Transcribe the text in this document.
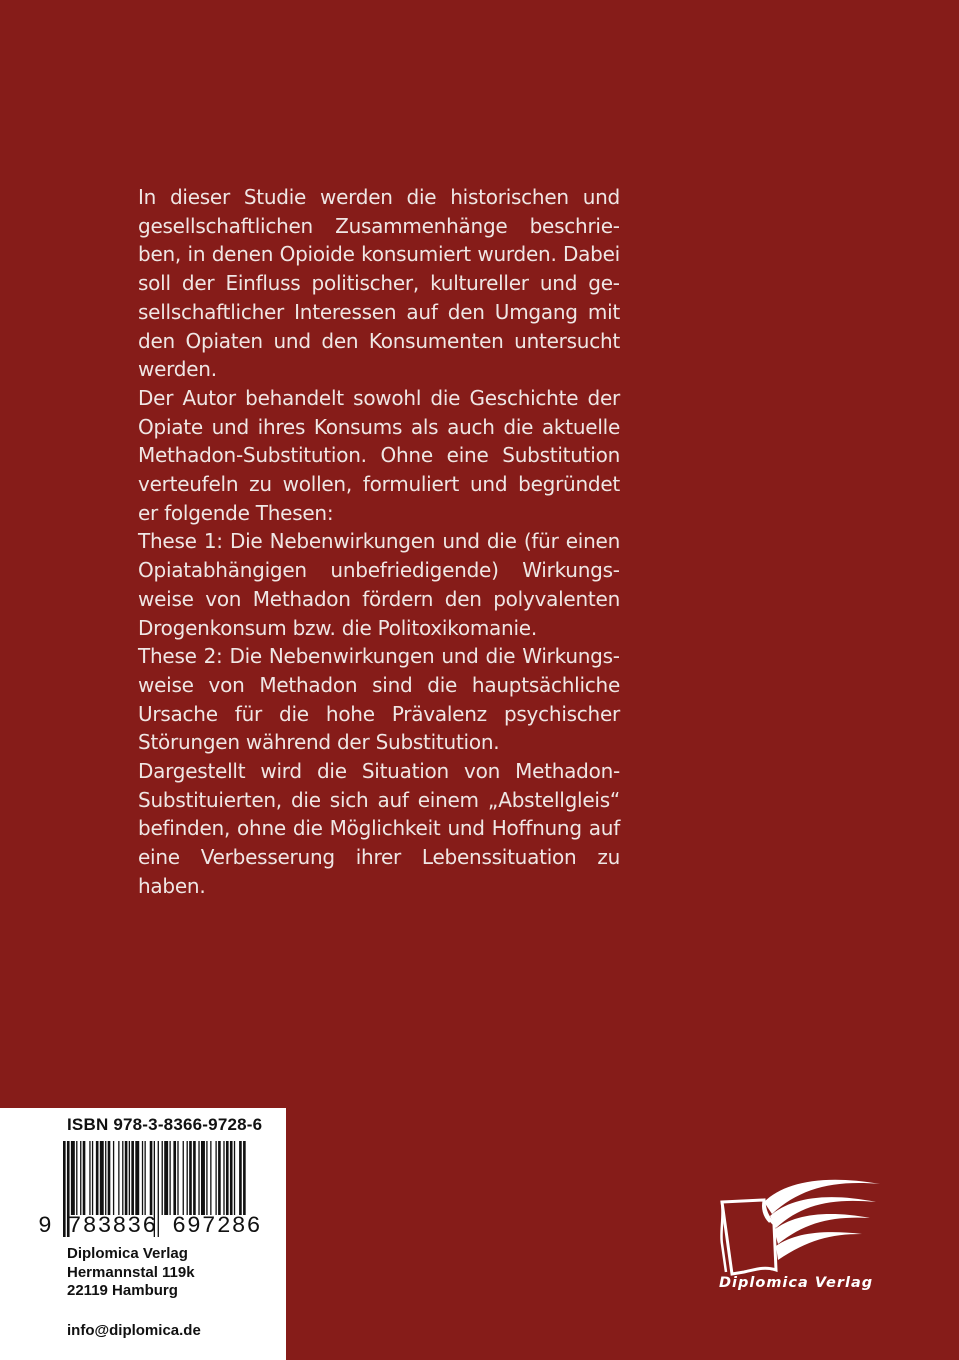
In dieser Studie werden die historischen und gesellschaftlichen Zusammenhänge beschrieben, in denen Opioide konsumiert wurden. Dabei soll der Einfluss politischer, kultureller und gesellschaftlicher Interessen auf den Umgang mit den Opiaten und den Konsumenten untersucht werden.

Der Autor behandelt sowohl die Geschichte der Opiate und ihres Konsums als auch die aktuelle Methadon-Substitution. Ohne eine Substitution verteufeln zu wollen, formuliert und begründet er folgende Thesen:

These 1: Die Nebenwirkungen und die (für einen Opiatabhängigen unbefriedigende) Wirkungsweise von Methadon fördern den polyvalenten Drogenkonsum bzw. die Politoxikomanie.

These 2: Die Nebenwirkungen und die Wirkungsweise von Methadon sind die hauptsächliche Ursache für die hohe Prävalenz psychischer Störungen während der Substitution.

Dargestellt wird die Situation von Methadon-Substituierten, die sich auf einem „Abstellgleis“ befinden, ohne die Möglichkeit und Hoffnung auf eine Verbesserung ihrer Lebenssituation zu haben.

ISBN 978-3-8366-9728-6
9 783836 697286
Diplomica Verlag
Hermannstal 119k
22119 Hamburg
info@diplomica.de
Diplomica Verlag
